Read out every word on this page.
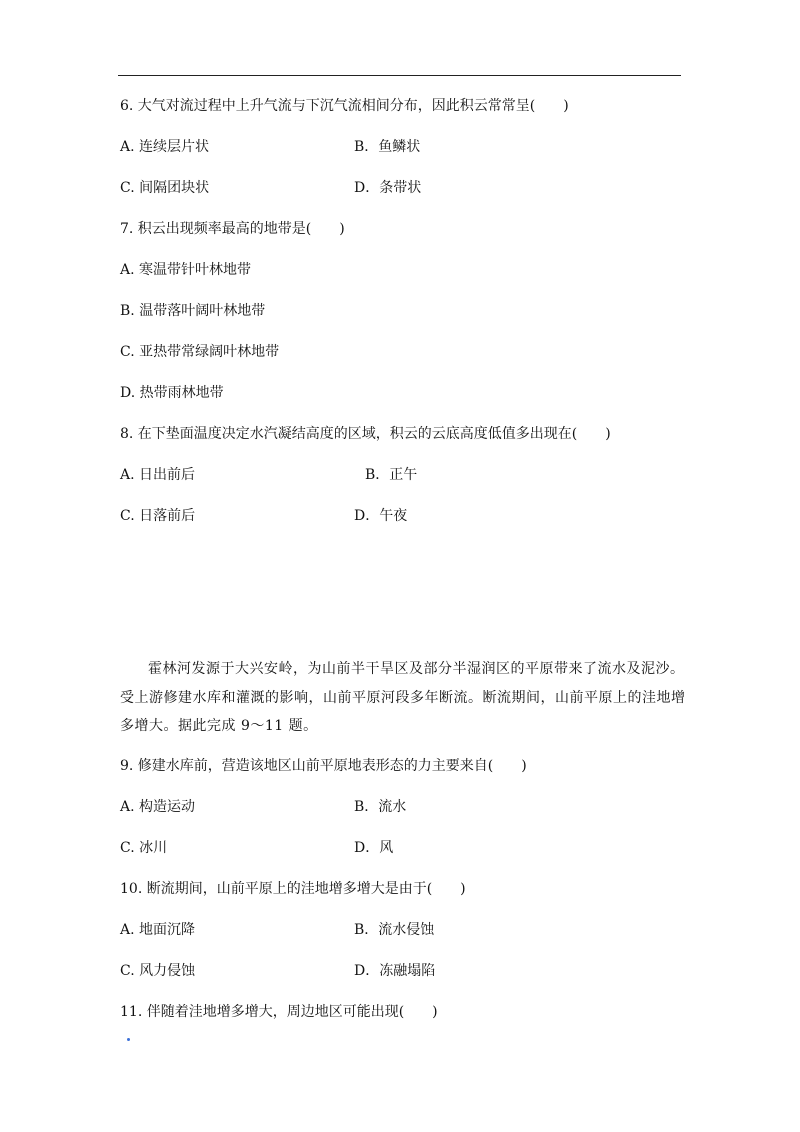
6. 大气对流过程中上升气流与下沉气流相间分布，因此积云常常呈(　　)
A. 连续层片状	B．鱼鳞状
C. 间隔团块状	D．条带状
7. 积云出现频率最高的地带是(　　)
A. 寒温带针叶林地带
B. 温带落叶阔叶林地带
C. 亚热带常绿阔叶林地带
D. 热带雨林地带
8. 在下垫面温度决定水汽凝结高度的区域，积云的云底高度低值多出现在(　　)
A. 日出前后	B．正午
C. 日落前后	D．午夜
霍林河发源于大兴安岭，为山前半干旱区及部分半湿润区的平原带来了流水及泥沙。
受上游修建水库和灌溉的影响，山前平原河段多年断流。断流期间，山前平原上的洼地增
多增大。据此完成 9～11 题。
9. 修建水库前，营造该地区山前平原地表形态的力主要来自(　　)
A. 构造运动	B．流水
C. 冰川	D．风
10. 断流期间，山前平原上的洼地增多增大是由于(　　)
A. 地面沉降	B．流水侵蚀
C. 风力侵蚀	D．冻融塌陷
11. 伴随着洼地增多增大，周边地区可能出现(　　)
